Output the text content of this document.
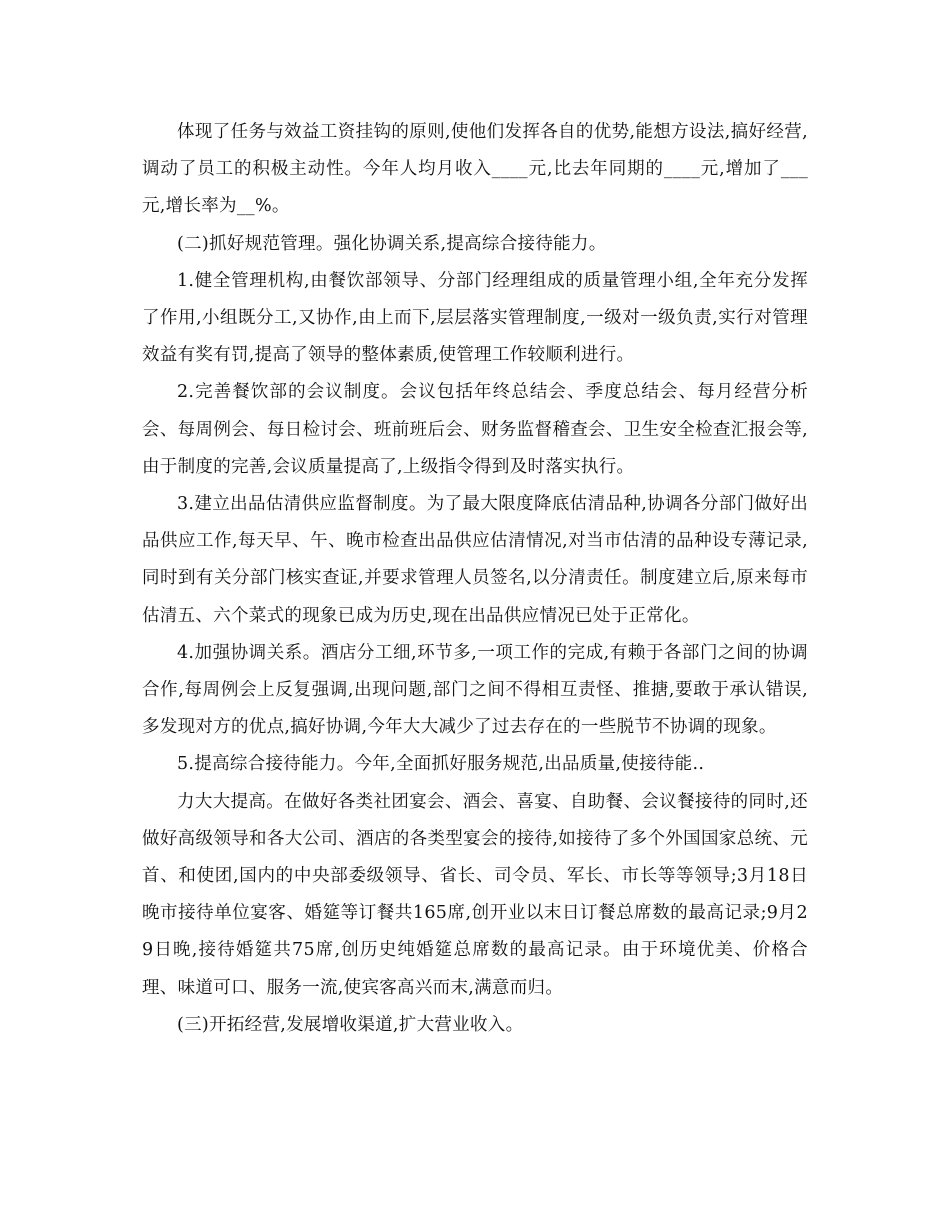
体现了任务与效益工资挂钩的原则,使他们发挥各自的优势,能想方设法,搞好经营,调动了员工的积极主动性。今年人均月收入____元,比去年同期的____元,增加了___元,增长率为__%。

(二)抓好规范管理。强化协调关系,提高综合接待能力。

1.健全管理机构,由餐饮部领导、分部门经理组成的质量管理小组,全年充分发挥了作用,小组既分工,又协作,由上而下,层层落实管理制度,一级对一级负责,实行对管理效益有奖有罚,提高了领导的整体素质,使管理工作较顺利进行。

2.完善餐饮部的会议制度。会议包括年终总结会、季度总结会、每月经营分析会、每周例会、每日检讨会、班前班后会、财务监督稽查会、卫生安全检查汇报会等,由于制度的完善,会议质量提高了,上级指令得到及时落实执行。

3.建立出品估清供应监督制度。为了最大限度降底估清品种,协调各分部门做好出品供应工作,每天早、午、晚市检查出品供应估清情况,对当市估清的品种设专薄记录,同时到有关分部门核实查证,并要求管理人员签名,以分清责任。制度建立后,原来每市估清五、六个菜式的现象已成为历史,现在出品供应情况已处于正常化。

4.加强协调关系。酒店分工细,环节多,一项工作的完成,有赖于各部门之间的协调合作,每周例会上反复强调,出现问题,部门之间不得相互责怪、推搪,要敢于承认错误,多发现对方的优点,搞好协调,今年大大减少了过去存在的一些脱节不协调的现象。

5.提高综合接待能力。今年,全面抓好服务规范,出品质量,使接待能..

力大大提高。在做好各类社团宴会、酒会、喜宴、自助餐、会议餐接待的同时,还做好高级领导和各大公司、酒店的各类型宴会的接待,如接待了多个外国国家总统、元首、和使团,国内的中央部委级领导、省长、司令员、军长、市长等等领导;3月18日晚市接待单位宴客、婚筵等订餐共165席,创开业以末日订餐总席数的最高记录;9月29日晚,接待婚筵共75席,创历史纯婚筵总席数的最高记录。由于环境优美、价格合理、味道可口、服务一流,使宾客高兴而末,满意而归。

(三)开拓经营,发展增收渠道,扩大营业收入。
